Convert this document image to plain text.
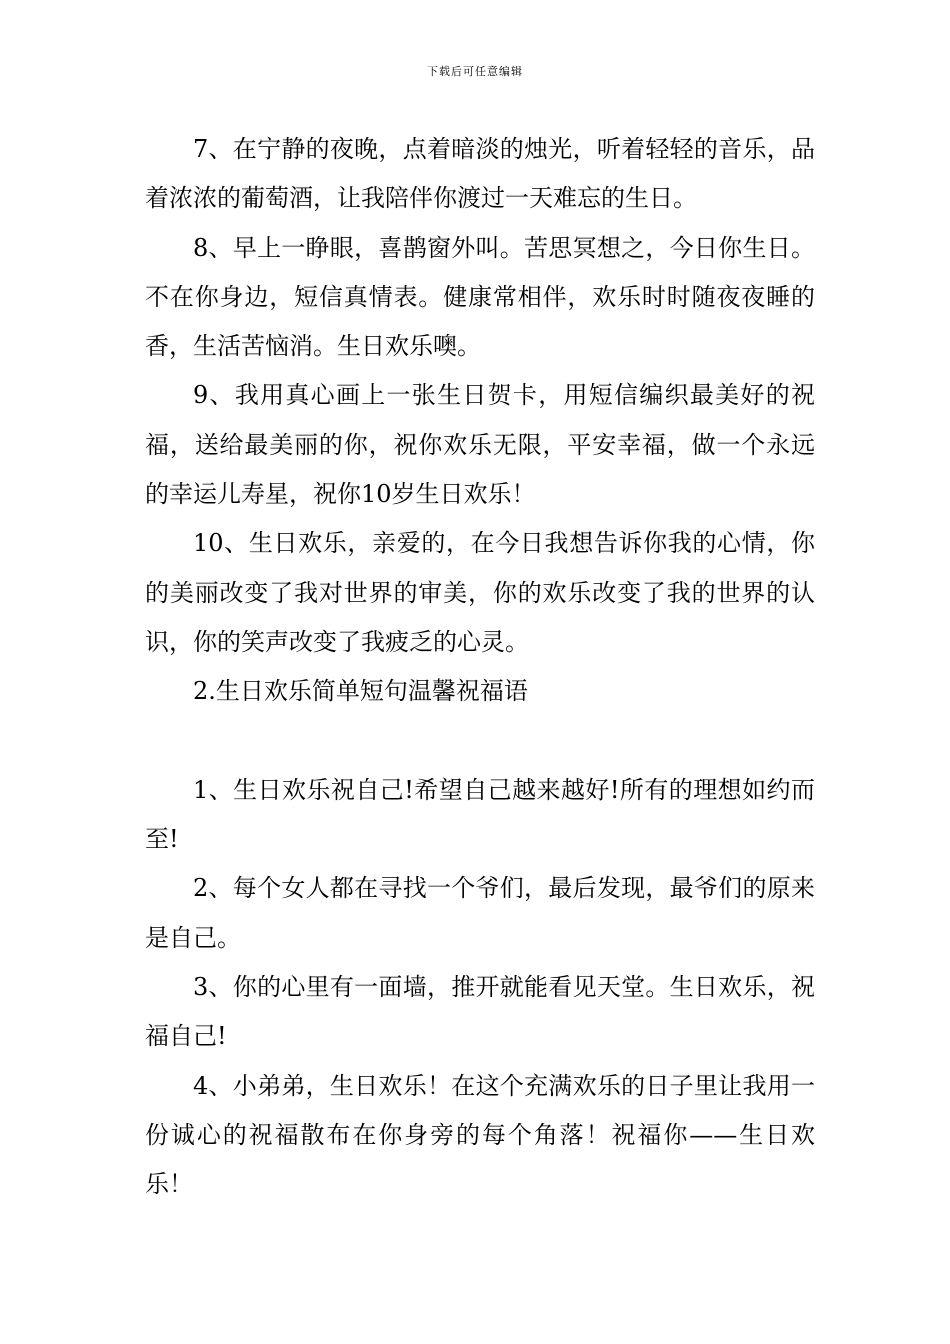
下载后可任意编辑

7、在宁静的夜晚，点着暗淡的烛光，听着轻轻的音乐，品着浓浓的葡萄酒，让我陪伴你渡过一天难忘的生日。

8、早上一睁眼，喜鹊窗外叫。苦思冥想之，今日你生日。不在你身边，短信真情表。健康常相伴，欢乐时时随夜夜睡的香，生活苦恼消。生日欢乐噢。

9、我用真心画上一张生日贺卡，用短信编织最美好的祝福，送给最美丽的你，祝你欢乐无限，平安幸福，做一个永远的幸运儿寿星，祝你10岁生日欢乐！

10、生日欢乐，亲爱的，在今日我想告诉你我的心情，你的美丽改变了我对世界的审美，你的欢乐改变了我的世界的认识，你的笑声改变了我疲乏的心灵。

2.生日欢乐简单短句温馨祝福语

1、生日欢乐祝自己!希望自己越来越好!所有的理想如约而至!

2、每个女人都在寻找一个爷们，最后发现，最爷们的原来是自己。

3、你的心里有一面墙，推开就能看见天堂。生日欢乐，祝福自己!

4、小弟弟，生日欢乐！在这个充满欢乐的日子里让我用一份诚心的祝福散布在你身旁的每个角落！祝福你——生日欢乐！
